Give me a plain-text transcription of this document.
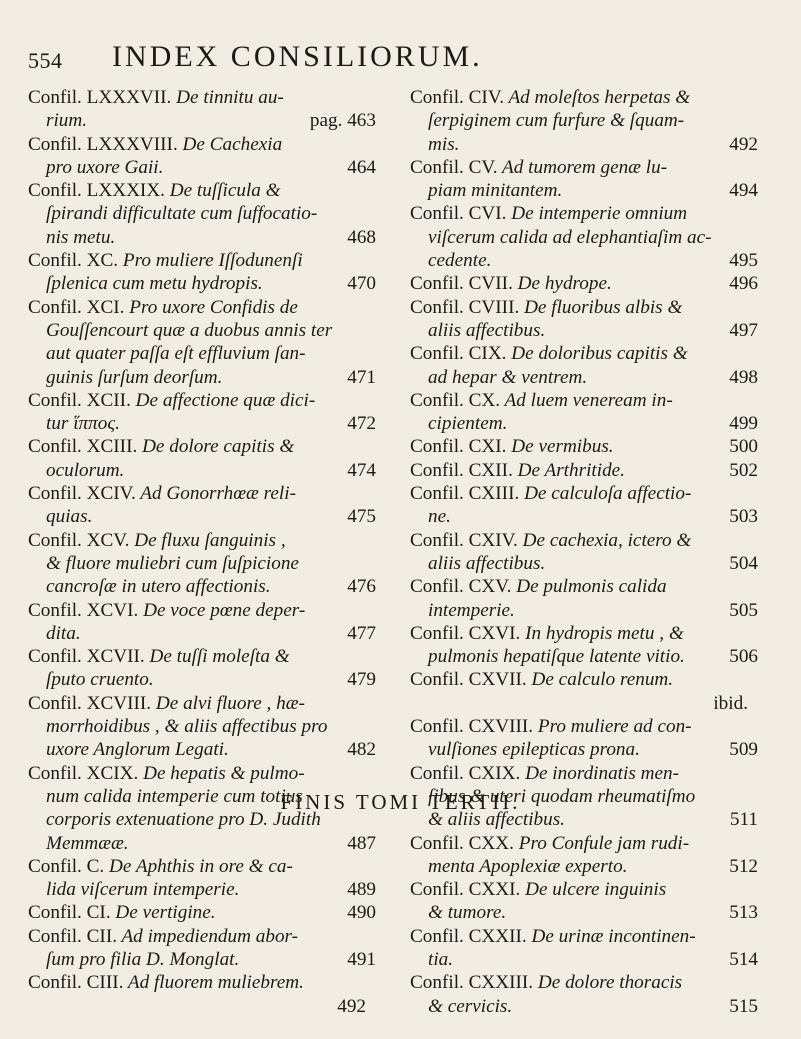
554 INDEX CONSILIORUM.
Confil. LXXXVII. De tinnitu au-
pag. 463
rium.
Confil. LXXXVIII. De Cachexia
464
pro uxore Gaii.
Confil. LXXXIX. De tuſſicula &
ſpirandi difficultate cum ſuffocatio-
468
nis metu.
Confil. XC. Pro muliere Iſſodunenſi
470
ſplenica cum metu hydropis.
Confil. XCI. Pro uxore Confidis de
Gouſſencourt quæ a duobus annis ter
aut quater paſſa eſt effluvium ſan-
471
guinis ſurſum deorſum.
Confil. XCII. De affectione quæ dici-
472
tur ἵππος.
Confil. XCIII. De dolore capitis &
474
oculorum.
Confil. XCIV. Ad Gonorrhœæ reli-
475
quias.
Confil. XCV. De fluxu ſanguinis ,
& fluore muliebri cum ſuſpicione
476
cancroſæ in utero affectionis.
Confil. XCVI. De voce pœne deper-
477
dita.
Confil. XCVII. De tuſſi moleſta &
479
ſputo cruento.
Confil. XCVIII. De alvi fluore , hæ-
morrhoidibus , & aliis affectibus pro
482
uxore Anglorum Legati.
Confil. XCIX. De hepatis & pulmo-
num calida intemperie cum totius
corporis extenuatione pro D. Judith
487
Memmææ.
Confil. C. De Aphthis in ore & ca-
489
lida viſcerum intemperie.
490
Confil. CI. De vertigine.
Confil. CII. Ad impediendum abor-
491
ſum pro filia D. Monglat.
Confil. CIII. Ad fluorem muliebrem.
492
Confil. CIV. Ad moleſtos herpetas &
ſerpiginem cum furfure & ſquam-
492
mis.
Confil. CV. Ad tumorem genæ lu-
494
piam minitantem.
Confil. CVI. De intemperie omnium
viſcerum calida ad elephantiaſim ac-
495
cedente.
496
Confil. CVII. De hydrope.
Confil. CVIII. De fluoribus albis &
497
aliis affectibus.
Confil. CIX. De doloribus capitis &
498
ad hepar & ventrem.
Confil. CX. Ad luem veneream in-
499
cipientem.
500
Confil. CXI. De vermibus.
502
Confil. CXII. De Arthritide.
Confil. CXIII. De calculoſa affectio-
503
ne.
Confil. CXIV. De cachexia, ictero &
504
aliis affectibus.
Confil. CXV. De pulmonis calida
505
intemperie.
Confil. CXVI. In hydropis metu , &
506
pulmonis hepatiſque latente vitio.
Confil. CXVII. De calculo renum.
ibid.
Confil. CXVIII. Pro muliere ad con-
509
vulſiones epilepticas prona.
Confil. CXIX. De inordinatis men-
ſibus & uteri quodam rheumatiſmo
511
& aliis affectibus.
Confil. CXX. Pro Confule jam rudi-
512
menta Apoplexiæ experto.
Confil. CXXI. De ulcere inguinis
513
& tumore.
Confil. CXXII. De urinæ incontinen-
514
tia.
Confil. CXXIII. De dolore thoracis
515
& cervicis.
FINIS TOMI TERTII.
